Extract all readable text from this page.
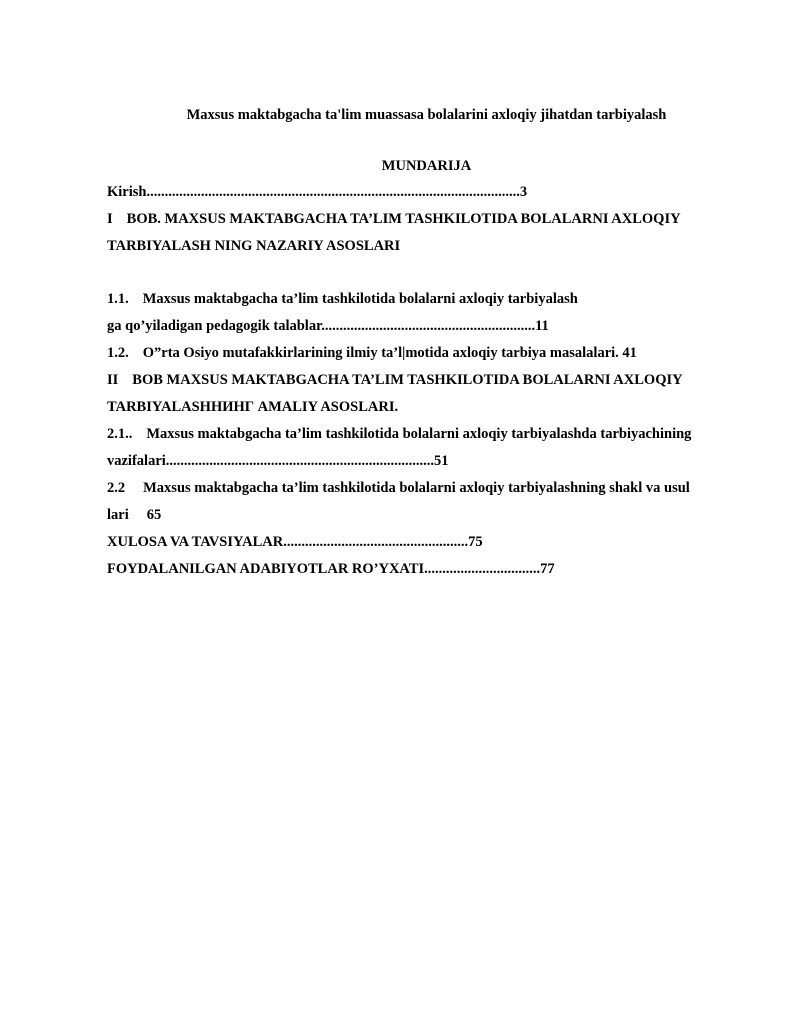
Maxsus maktabgacha ta'lim muassasa bolalarini axloqiy jihatdan tarbiyalash
MUNDARIJA
Kirish.......................................................................................................3
I BOB. MAXSUS MAKTABGACHA TA’LIM TASHKILOTIDA BOLALARNI AXLOQIY
TARBIYALASH NING NAZARIY ASOSLARI
1.1. Maxsus maktabgacha ta’lim tashkilotida bolalarni axloqiy tarbiyalash
ga qo’yiladigan pedagogik talablar...........................................................11
1.2. O”rta Osiyo mutafakkirlarining ilmiy ta’l|motida axloqiy tarbiya masalalari. 41
II BOB MAXSUS MAKTABGACHA TA’LIM TASHKILOTIDA BOLALARNI AXLOQIY
TARBIYALASHНИНГ AMALIY ASOSLARI.
2.1.. Maxsus maktabgacha ta’lim tashkilotida bolalarni axloqiy tarbiyalashda tarbiyachining
vazifalari..........................................................................51
2.2 Maxsus maktabgacha ta’lim tashkilotida bolalarni axloqiy tarbiyalashning shakl va usul
lari 65
XULOSA VA TAVSIYALAR...................................................75
FOYDALANILGAN ADABIYOTLAR RO’YXATI................................77
